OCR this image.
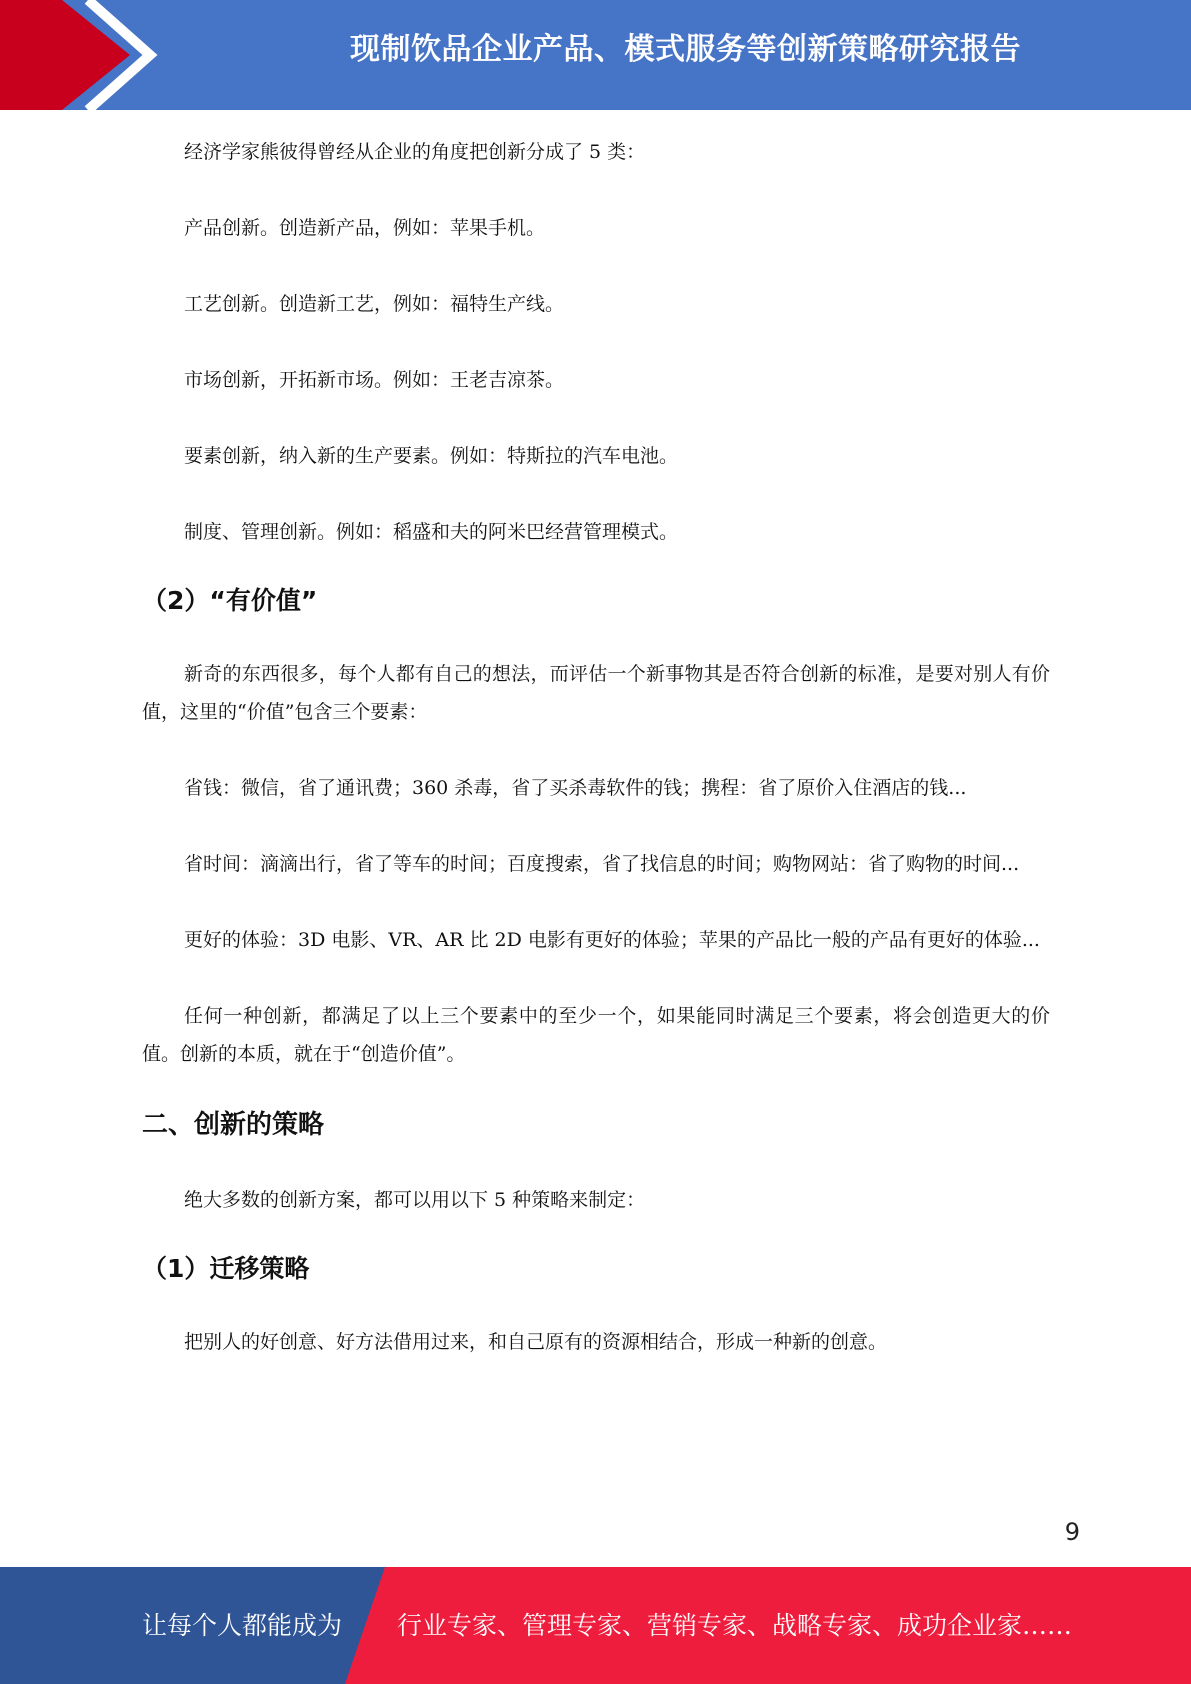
现制饮品企业产品、模式服务等创新策略研究报告

经济学家熊彼得曾经从企业的角度把创新分成了 5 类：

产品创新。创造新产品，例如：苹果手机。

工艺创新。创造新工艺，例如：福特生产线。

市场创新，开拓新市场。例如：王老吉凉茶。

要素创新，纳入新的生产要素。例如：特斯拉的汽车电池。

制度、管理创新。例如：稻盛和夫的阿米巴经营管理模式。

（2）“有价值”

新奇的东西很多，每个人都有自己的想法，而评估一个新事物其是否符合创新的标准，是要对别人有价值，这里的“价值”包含三个要素：

省钱：微信，省了通讯费；360 杀毒，省了买杀毒软件的钱；携程：省了原价入住酒店的钱...

省时间：滴滴出行，省了等车的时间；百度搜索，省了找信息的时间；购物网站：省了购物的时间...

更好的体验：3D 电影、VR、AR 比 2D 电影有更好的体验；苹果的产品比一般的产品有更好的体验...

任何一种创新，都满足了以上三个要素中的至少一个，如果能同时满足三个要素，将会创造更大的价值。创新的本质，就在于“创造价值”。

二、创新的策略

绝大多数的创新方案，都可以用以下 5 种策略来制定：

（1）迁移策略

把别人的好创意、好方法借用过来，和自己原有的资源相结合，形成一种新的创意。

9
让每个人都能成为 行业专家、管理专家、营销专家、战略专家、成功企业家……
